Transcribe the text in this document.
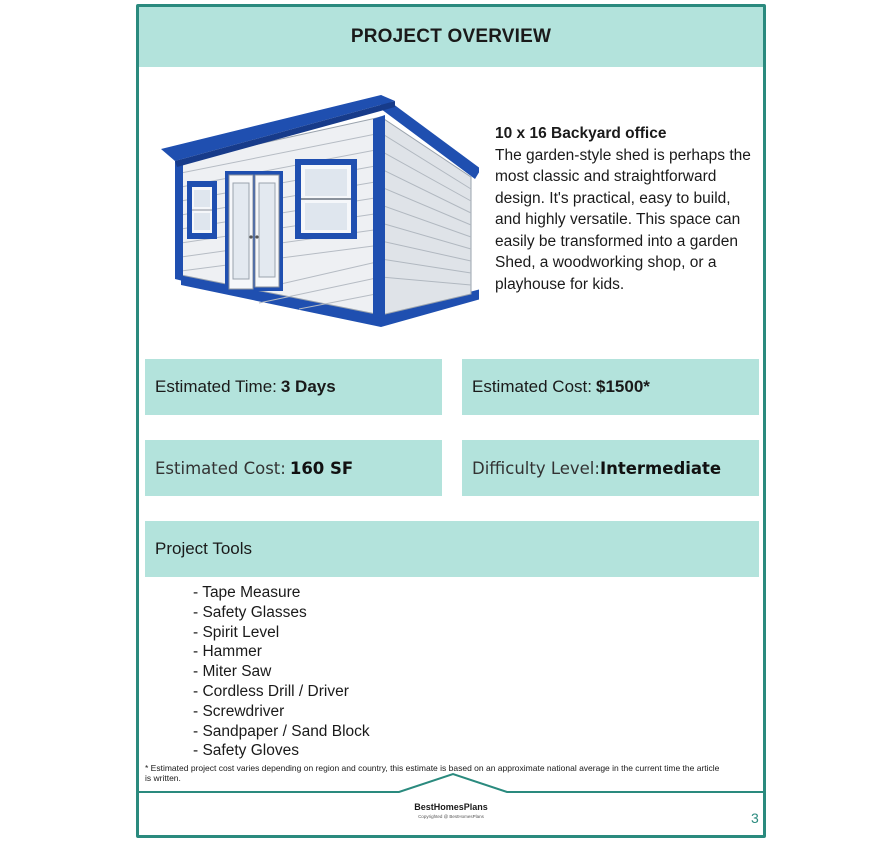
PROJECT OVERVIEW
10 x 16 Backyard office
The garden-style shed is perhaps the most classic and straightforward design. It's practical, easy to build, and highly versatile. This space can easily be transformed into a garden Shed, a woodworking shop, or a playhouse for kids.
Estimated Time: 3 Days	Estimated Cost: $1500*
Estimated Cost: 160 SF	Difficulty Level: Intermediate
Project Tools
- Tape Measure
- Safety Glasses
- Spirit Level
- Hammer
- Miter Saw
- Cordless Drill / Driver
- Screwdriver
- Sandpaper / Sand Block
- Safety Gloves
* Estimated project cost varies depending on region and country, this estimate is based on an approximate national average in the current time the article is written.
BestHomesPlans
Copyrighted @ BestHomesPlans	3
